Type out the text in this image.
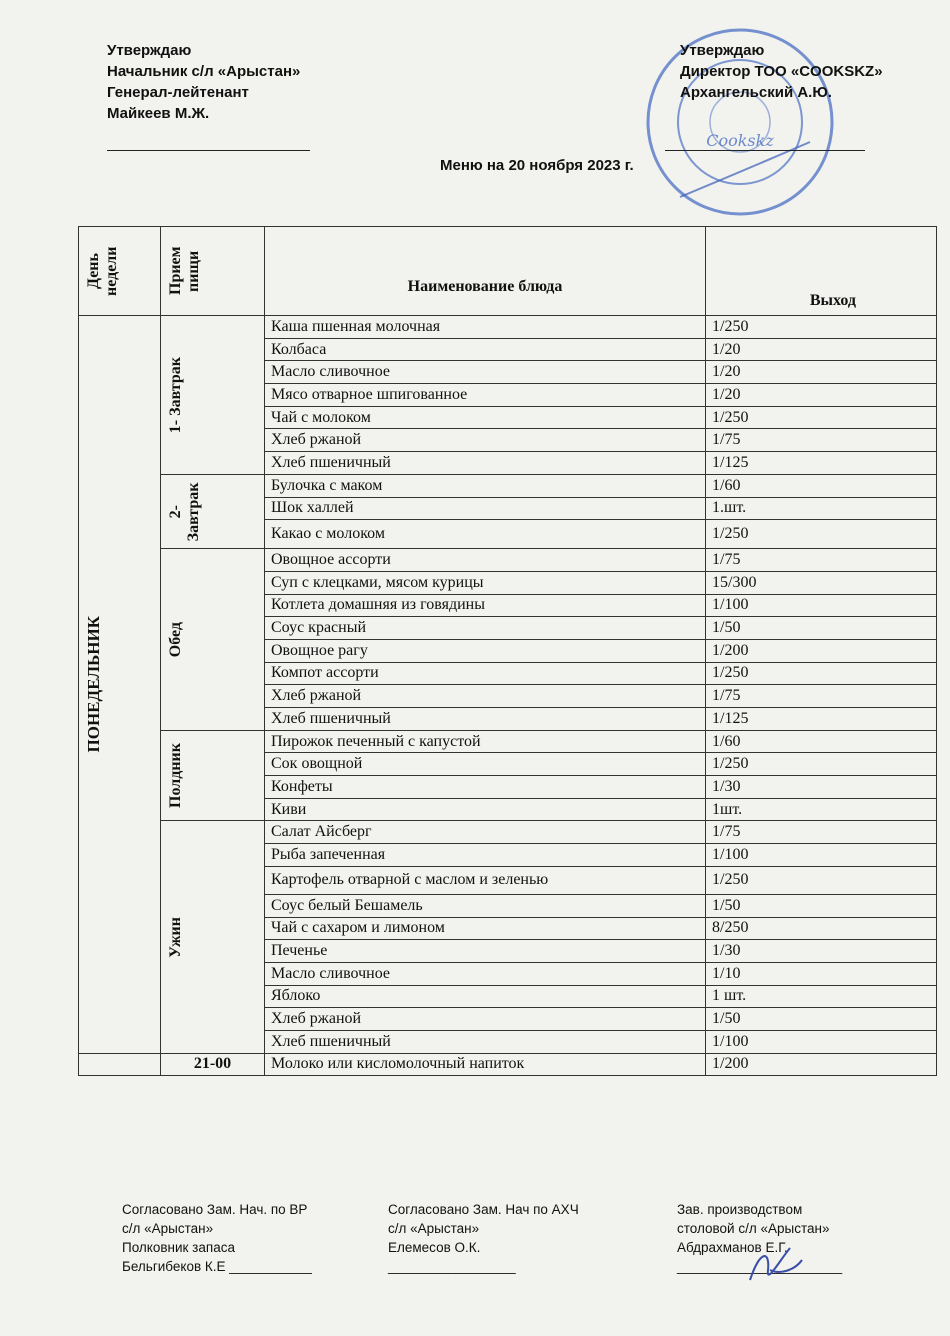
Утверждаю
Начальник с/л «Арыстан»
Генерал-лейтенант
Майкеев М.Ж.
Cookskz
Утверждаю
Директор ТОО «COOKSKZ»
Архангельский А.Ю.
Меню на 20 ноября 2023 г.
День недели	Прием пищи	Наименование блюда	Выход

ПОНЕДЕЛЬНИК	1- Завтрак	Каша пшенная молочная	1/250
		Колбаса	1/20
		Масло сливочное	1/20
		Мясо отварное шпигованное	1/20
		Чай с молоком	1/250
		Хлеб ржаной	1/75
		Хлеб пшеничный	1/125

	2- Завтрак	Булочка с маком	1/60
		Шок халлей	1.шт.
		Какао с молоком	1/250

	Обед	Овощное ассорти	1/75
		Суп с клецками, мясом курицы	15/300
		Котлета домашняя из говядины	1/100
		Соус красный	1/50
		Овощное рагу	1/200
		Компот ассорти	1/250
		Хлеб ржаной	1/75
		Хлеб пшеничный	1/125

	Полдник	Пирожок печенный с капустой	1/60
		Сок овощной	1/250
		Конфеты	1/30
		Киви	1шт.

	Ужин	Салат Айсберг	1/75
		Рыба запеченная	1/100
		Картофель отварной с маслом и зеленью	1/250
		Соус белый Бешамель	1/50
		Чай с сахаром и лимоном	8/250
		Печенье	1/30
		Масло сливочное	1/10
		Яблоко	1 шт.
		Хлеб ржаной	1/50
		Хлеб пшеничный	1/100
	21-00	Молоко или кисломолочный напиток	1/200
Согласовано Зам. Нач. по ВР
с/л «Арыстан»
Полковник запаса
Бельгибеков К.Е ___________
Согласовано Зам. Нач по АХЧ
с/л «Арыстан»
Елемесов О.К.
_________________
Зав. производством
столовой с/л «Арыстан»
Абдрахманов Е.Г.
______________________
